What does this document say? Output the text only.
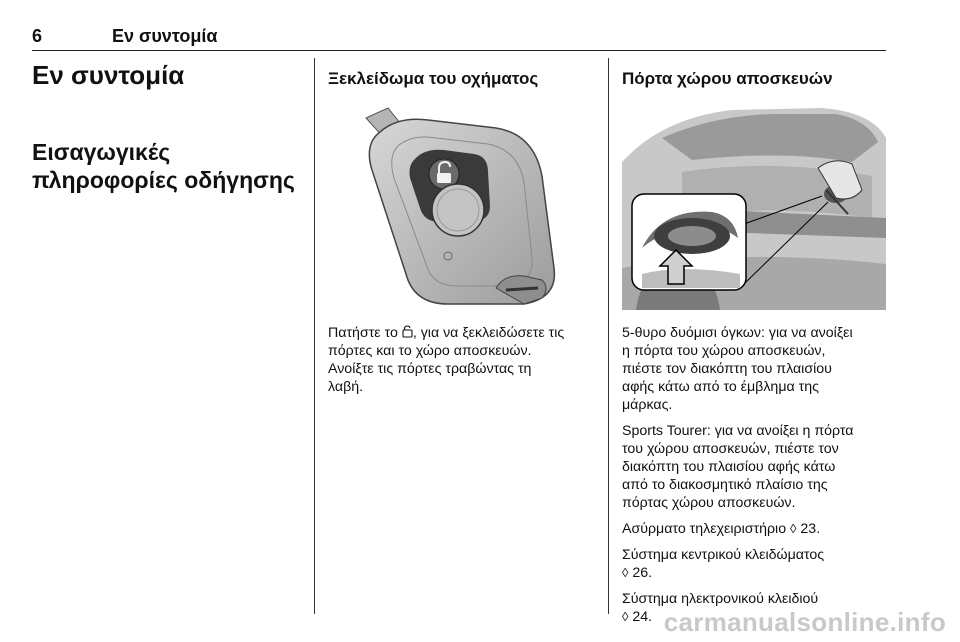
6	Εν συντομία
Εν συντομία
Εισαγωγικές
πληροφορίες οδήγησης
Ξεκλείδωμα του οχήματος

Πατήστε το , για να ξεκλειδώσετε τις
πόρτες και το χώρο αποσκευών.
Ανοίξτε τις πόρτες τραβώντας τη
λαβή.

Πόρτα χώρου αποσκευών

5-θυρο δυόμισι όγκων: για να ανοίξει
η πόρτα του χώρου αποσκευών,
πιέστε τον διακόπτη του πλαισίου
αφής κάτω από το έμβλημα της
μάρκας.

Sports Tourer: για να ανοίξει η πόρτα
του χώρου αποσκευών, πιέστε τον
διακόπτη του πλαισίου αφής κάτω
από το διακοσμητικό πλαίσιο της
πόρτας χώρου αποσκευών.

Ασύρματο τηλεχειριστήριο ◊ 23.

Σύστημα κεντρικού κλειδώματος
◊ 26.

Σύστημα ηλεκτρονικού κλειδιού
◊ 24. carmanualsonline.info
